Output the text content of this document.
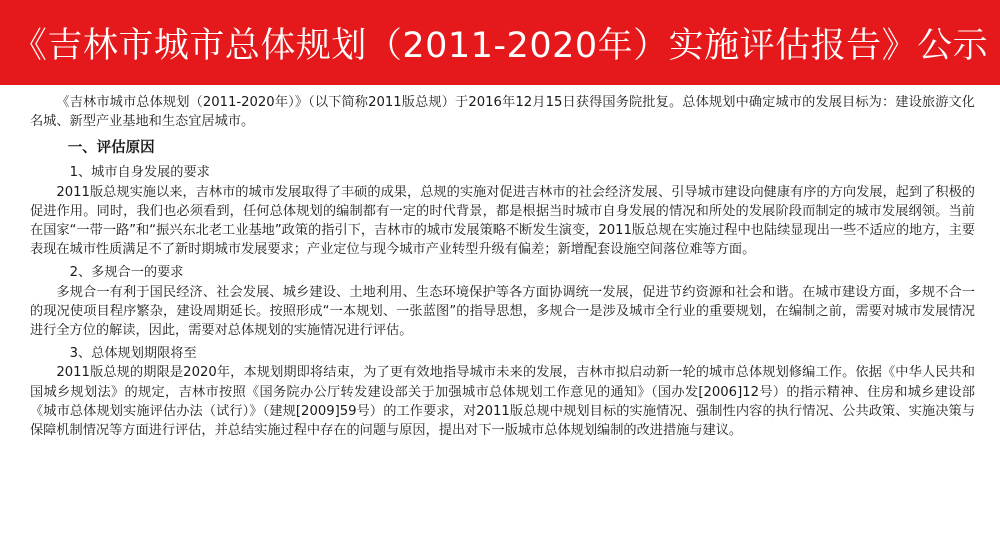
《吉林市城市总体规划（2011-2020年）实施评估报告》公示

《吉林市城市总体规划（2011-2020年）》（以下简称2011版总规）于2016年12月15日获得国务院批复。总体规划中确定城市的发展目标为：建设旅游文化名城、新型产业基地和生态宜居城市。

一、评估原因

1、城市自身发展的要求

2011版总规实施以来，吉林市的城市发展取得了丰硕的成果，总规的实施对促进吉林市的社会经济发展、引导城市建设向健康有序的方向发展，起到了积极的促进作用。同时，我们也必须看到，任何总体规划的编制都有一定的时代背景，都是根据当时城市自身发展的情况和所处的发展阶段而制定的城市发展纲领。当前在国家“一带一路”和“振兴东北老工业基地”政策的指引下，吉林市的城市发展策略不断发生演变，2011版总规在实施过程中也陆续显现出一些不适应的地方，主要表现在城市性质满足不了新时期城市发展要求；产业定位与现今城市产业转型升级有偏差；新增配套设施空间落位难等方面。

2、多规合一的要求

多规合一有利于国民经济、社会发展、城乡建设、土地利用、生态环境保护等各方面协调统一发展，促进节约资源和社会和谐。在城市建设方面，多规不合一的现况使项目程序繁杂，建设周期延长。按照形成“一本规划、一张蓝图”的指导思想，多规合一是涉及城市全行业的重要规划，在编制之前，需要对城市发展情况进行全方位的解读，因此，需要对总体规划的实施情况进行评估。

3、总体规划期限将至

2011版总规的期限是2020年，本规划期即将结束，为了更有效地指导城市未来的发展，吉林市拟启动新一轮的城市总体规划修编工作。依据《中华人民共和国城乡规划法》的规定，吉林市按照《国务院办公厅转发建设部关于加强城市总体规划工作意见的通知》（国办发[2006]12号）的指示精神、住房和城乡建设部《城市总体规划实施评估办法（试行）》（建规[2009]59号）的工作要求，对2011版总规中规划目标的实施情况、强制性内容的执行情况、公共政策、实施决策与保障机制情况等方面进行评估，并总结实施过程中存在的问题与原因，提出对下一版城市总体规划编制的改进措施与建议。
